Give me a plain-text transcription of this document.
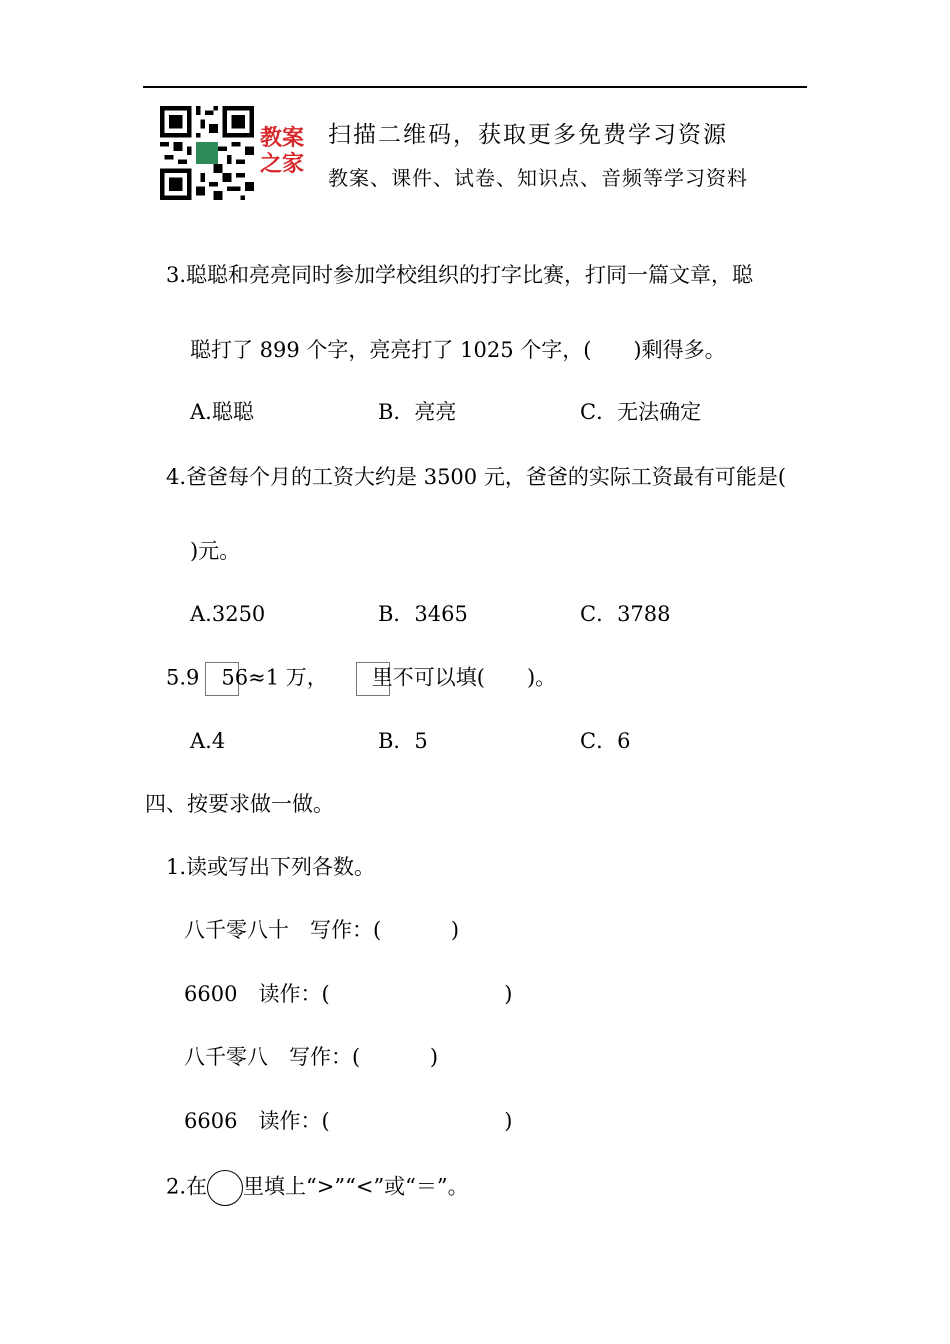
教案
之家
扫描二维码，获取更多免费学习资源
教案、课件、试卷、知识点、音频等学习资料
3.聪聪和亮亮同时参加学校组织的打字比赛，打同一篇文章，聪
聪打了 899 个字，亮亮打了 1025 个字，(　　)剩得多。
A.聪聪	B．亮亮	C．无法确定
4.爸爸每个月的工资大约是 3500 元，爸爸的实际工资最有可能是(
)元。
A.3250	B．3465	C．3788
5.9 56≈1 万， 里不可以填(　　)。
A.4	B．5	C．6
四、按要求做一做。
1.读或写出下列各数。
八千零八十　写作：(　　　 )
6600　读作：(　　　　　　　　 )
八千零八　写作：(　　　 )
6606　读作：(　　　　　　　　 )
2.在 里填上“>”“<”或“＝”。
